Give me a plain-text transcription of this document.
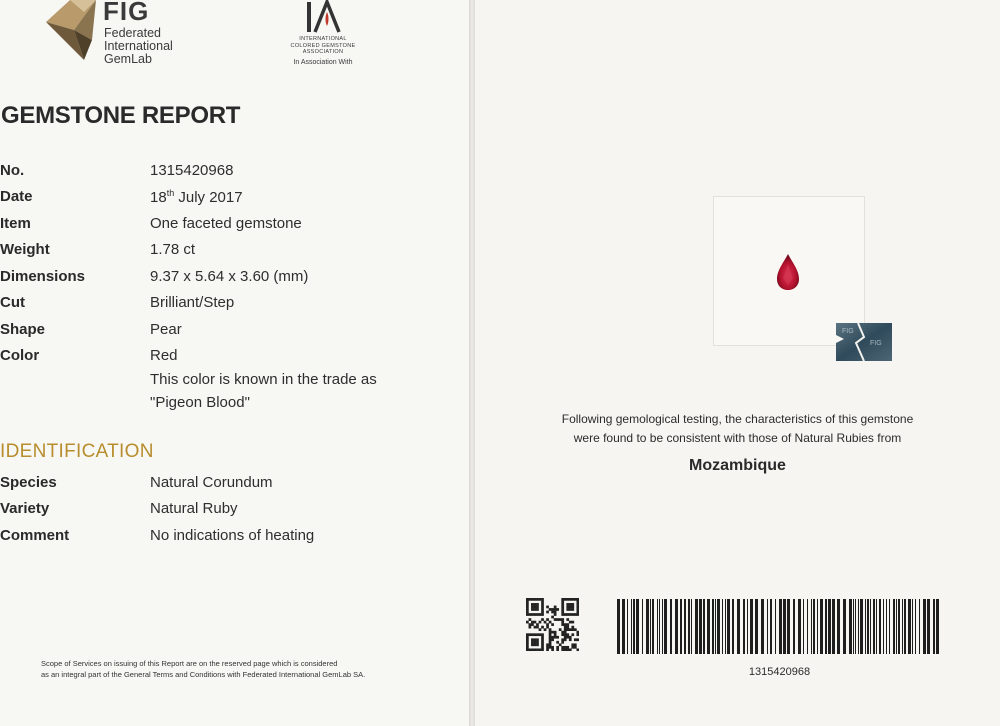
FIG
Federated
International
GemLab
INTERNATIONAL
COLORED GEMSTONE
ASSOCIATION
In Association With
GEMSTONE REPORT
No.	1315420968
Date	18th July 2017
Item	One faceted gemstone
Weight	1.78 ct
Dimensions	9.37 x 5.64 x 3.60 (mm)
Cut	Brilliant/Step
Shape	Pear
Color	Red
This color is known in the trade as
"Pigeon Blood"
IDENTIFICATION
Species	Natural Corundum
Variety	Natural Ruby
Comment	No indications of heating
Scope of Services on issuing of this Report are on the reserved page which is considered
as an integral part of the General Terms and Conditions with Federated International GemLab SA.
FIG
FIG
Following gemological testing, the characteristics of this gemstone
were found to be consistent with those of Natural Rubies from
Mozambique
1315420968
